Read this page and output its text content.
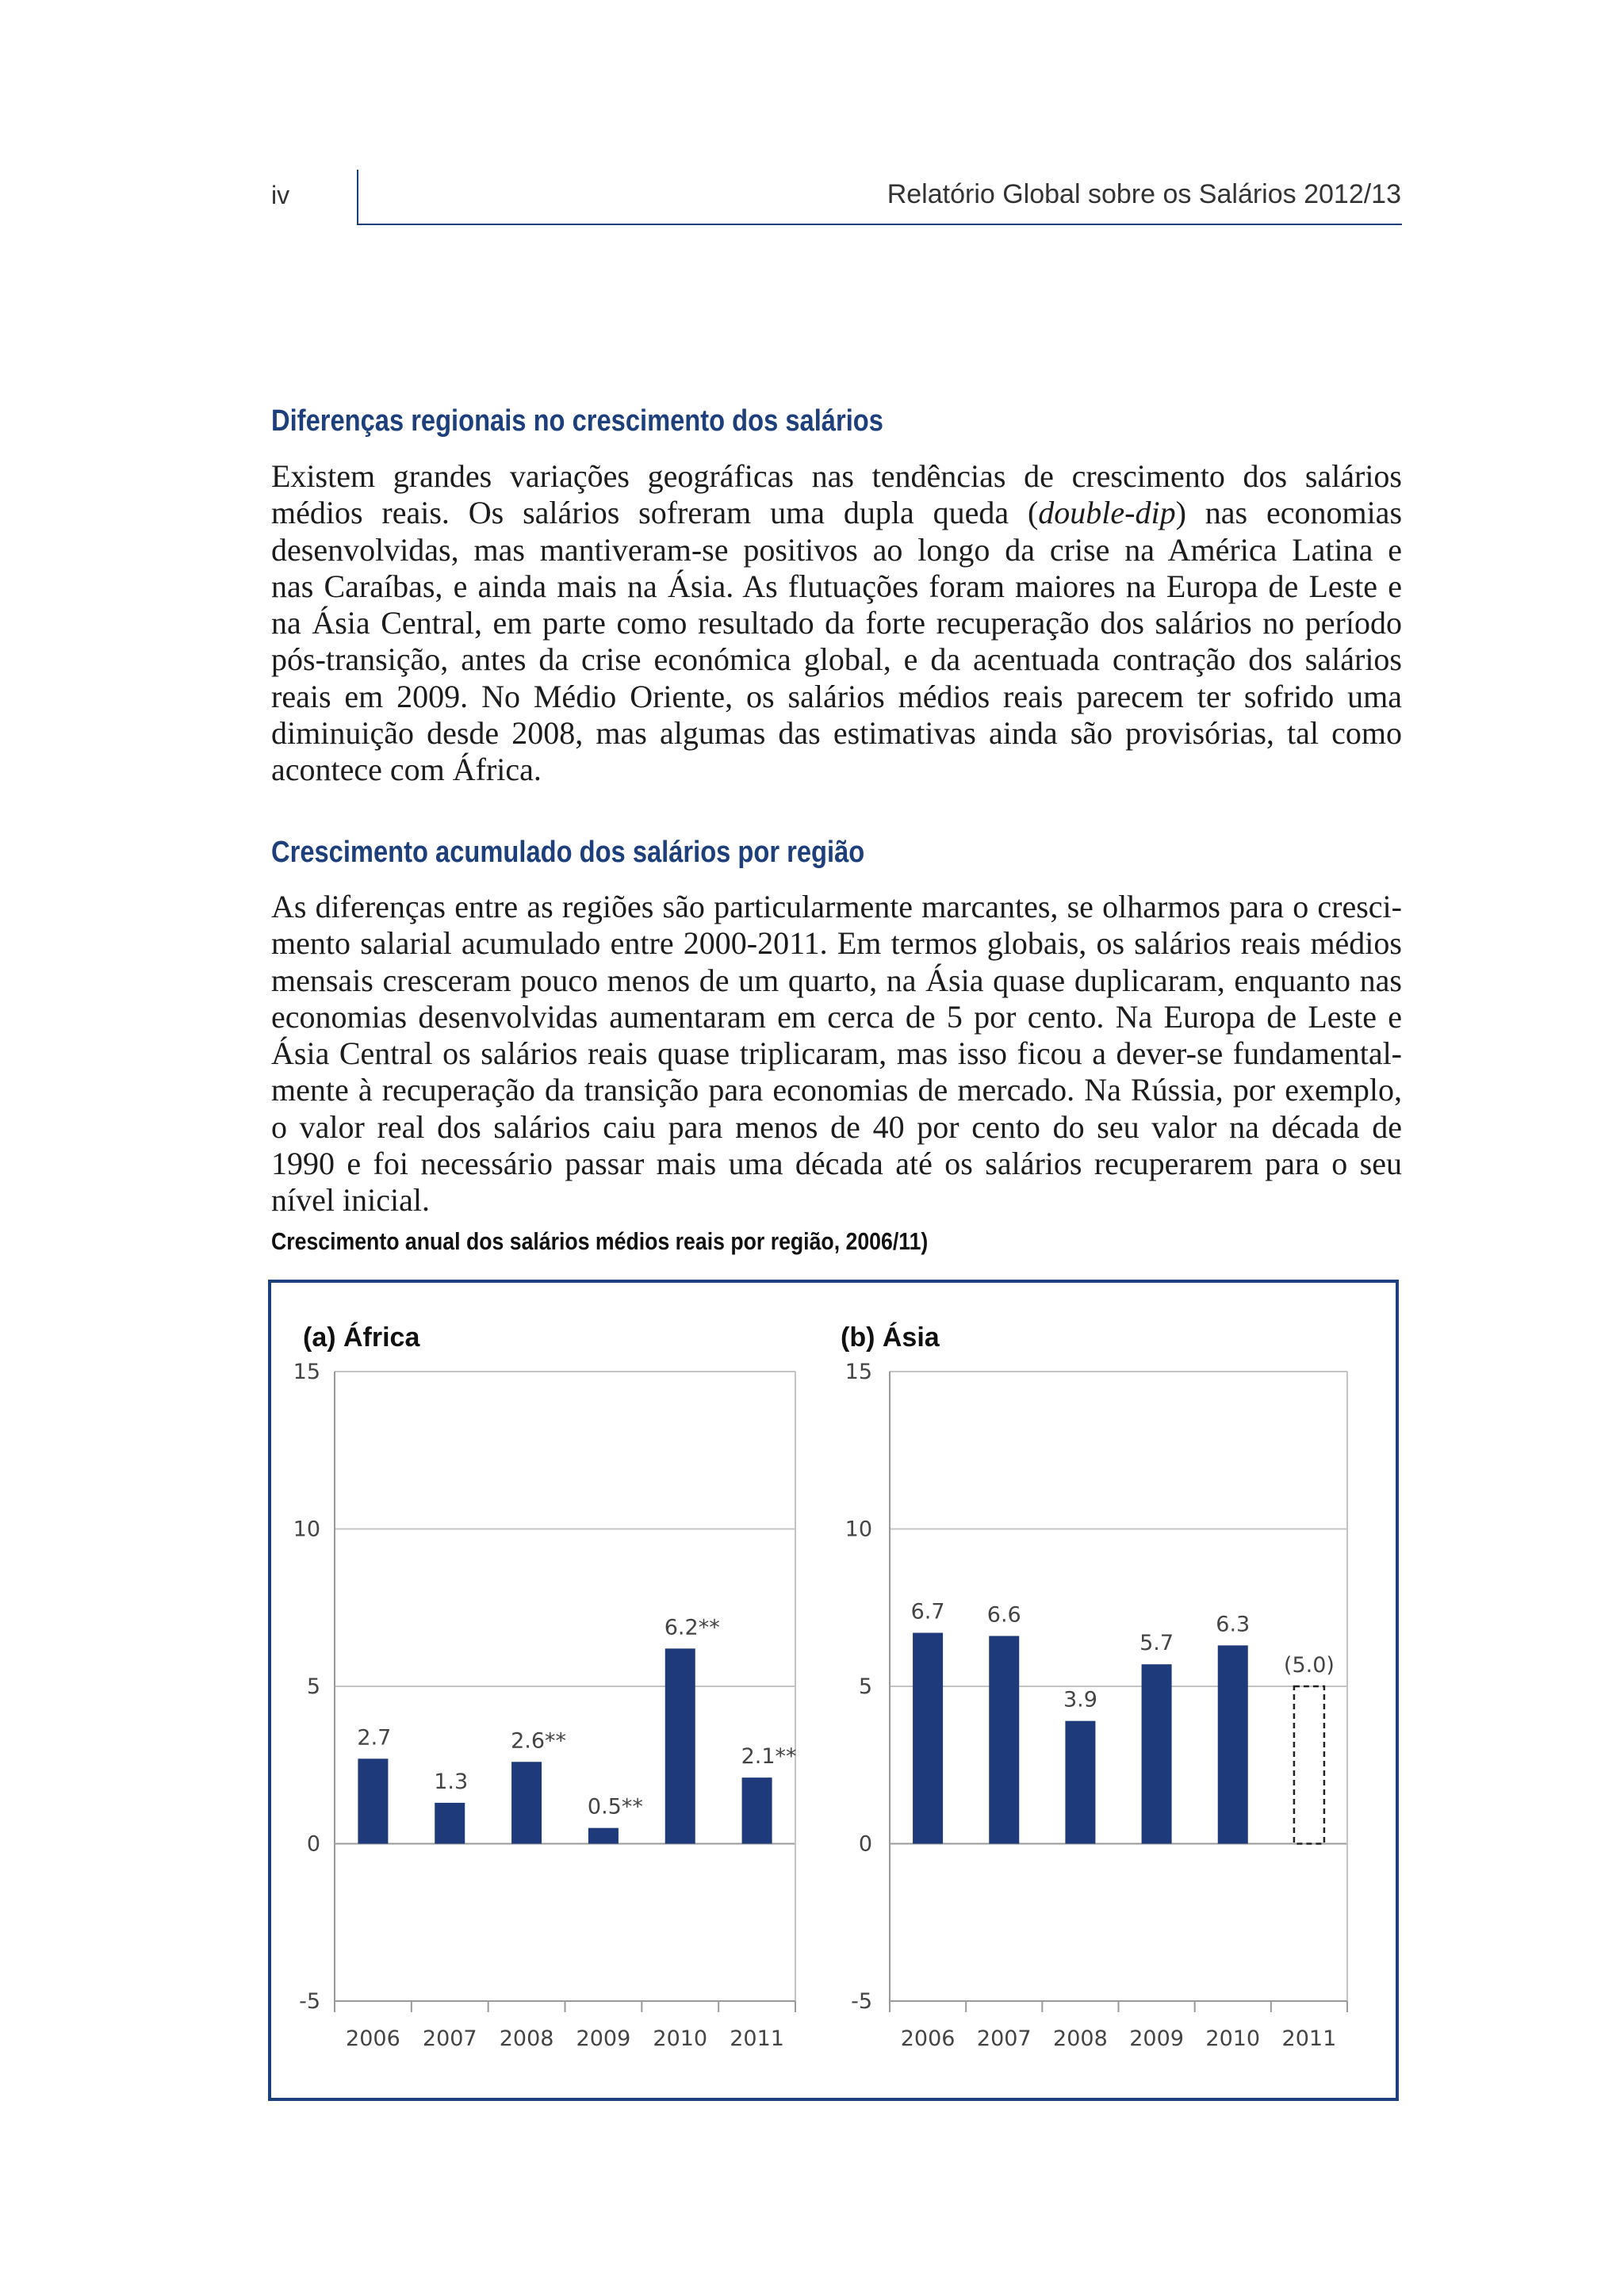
iv	Relatório Global sobre os Salários 2012/13
Diferenças regionais no crescimento dos salários
Existem grandes variações geográficas nas tendências de crescimento dos salários
médios reais. Os salários sofreram uma dupla queda (double-dip) nas economias
desenvolvidas, mas mantiveram-se positivos ao longo da crise na América Latina e
nas Caraíbas, e ainda mais na Ásia. As flutuações foram maiores na Europa de Leste e
na Ásia Central, em parte como resultado da forte recuperação dos salários no período
pós-transição, antes da crise económica global, e da acentuada contração dos salários
reais em 2009. No Médio Oriente, os salários médios reais parecem ter sofrido uma
diminuição desde 2008, mas algumas das estimativas ainda são provisórias, tal como
acontece com África.
Crescimento acumulado dos salários por região
As diferenças entre as regiões são particularmente marcantes, se olharmos para o cresci-
mento salarial acumulado entre 2000-2011. Em termos globais, os salários reais médios
mensais cresceram pouco menos de um quarto, na Ásia quase duplicaram, enquanto nas
economias desenvolvidas aumentaram em cerca de 5 por cento. Na Europa de Leste e
Ásia Central os salários reais quase triplicaram, mas isso ficou a dever-se fundamental-
mente à recuperação da transição para economias de mercado. Na Rússia, por exemplo,
o valor real dos salários caiu para menos de 40 por cento do seu valor na década de
1990 e foi necessário passar mais uma década até os salários recuperarem para o seu
nível inicial.
Crescimento anual dos salários médios reais por região, 2006/11)
(a) África
-5
0
5
10
15
2.7
2006
1.3
2007
2.6**
2008
0.5**
2009
6.2**
2010
2.1**
2011
(b) Ásia
-5
0
5
10
15
6.7
2006
6.6
2007
3.9
2008
5.7
2009
6.3
2010
(5.0)
2011
